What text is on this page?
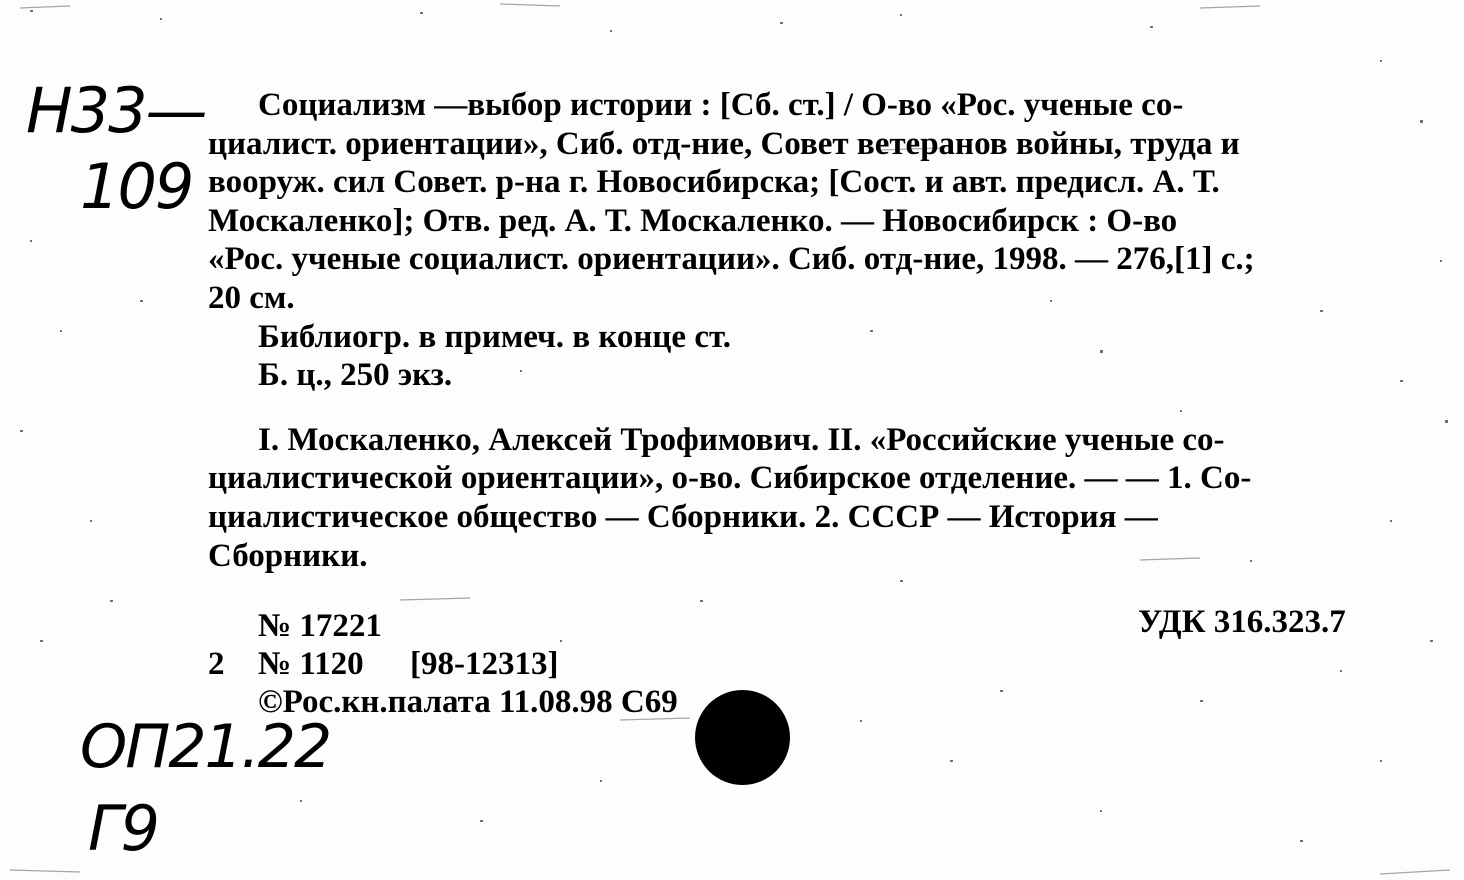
Н33—
109
ОП21.22
Г9
Социализм —выбор истории : [Сб. ст.] / О-во «Рос. ученые со-
циалист. ориентации», Сиб. отд-ние, Совет ветеранов войны, труда и
вооруж. сил Совет. р-на г. Новосибирска; [Сост. и авт. предисл. А. Т.
Москаленко]; Отв. ред. А. Т. Москаленко. — Новосибирск : О-во
«Рос. ученые социалист. ориентации». Сиб. отд-ние, 1998. — 276,[1] с.;
20 см.
Библиогр. в примеч. в конце ст.
Б. ц., 250 экз.
I. Москаленко, Алексей Трофимович. II. «Российские ученые со-
циалистической ориентации», о-во. Сибирское отделение. — — 1. Со-
циалистическое общество — Сборники. 2. СССР — История —
Сборники.
№ 17221
2 № 1120 [98-12313]
©Рос.кн.палата 11.08.98 С69
УДК 316.323.7
